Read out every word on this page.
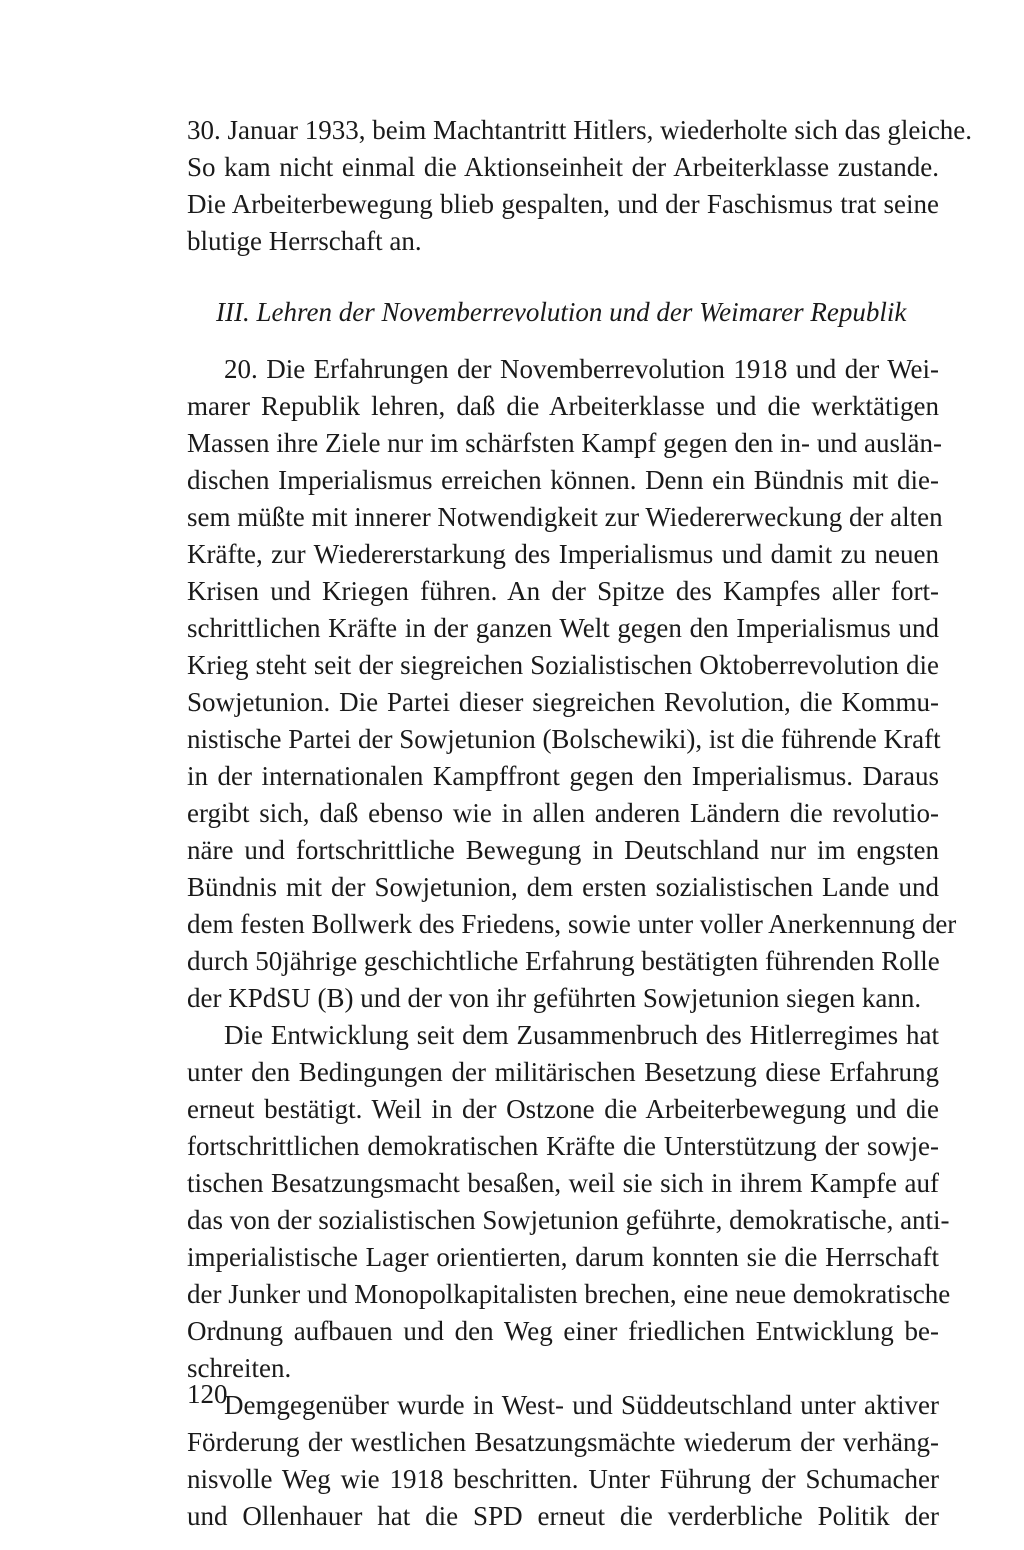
30. Januar 1933, beim Machtantritt Hitlers, wiederholte sich das gleiche.
So kam nicht einmal die Aktionseinheit der Arbeiterklasse zustande.
Die Arbeiterbewegung blieb gespalten, und der Faschismus trat seine
blutige Herrschaft an.
III. Lehren der Novemberrevolution und der Weimarer Republik
20. Die Erfahrungen der Novemberrevolution 1918 und der Wei-
marer Republik lehren, daß die Arbeiterklasse und die werktätigen
Massen ihre Ziele nur im schärfsten Kampf gegen den in- und auslän-
dischen Imperialismus erreichen können. Denn ein Bündnis mit die-
sem müßte mit innerer Notwendigkeit zur Wiedererweckung der alten
Kräfte, zur Wiedererstarkung des Imperialismus und damit zu neuen
Krisen und Kriegen führen. An der Spitze des Kampfes aller fort-
schrittlichen Kräfte in der ganzen Welt gegen den Imperialismus und
Krieg steht seit der siegreichen Sozialistischen Oktoberrevolution die
Sowjetunion. Die Partei dieser siegreichen Revolution, die Kommu-
nistische Partei der Sowjetunion (Bolschewiki), ist die führende Kraft
in der internationalen Kampffront gegen den Imperialismus. Daraus
ergibt sich, daß ebenso wie in allen anderen Ländern die revolutio-
näre und fortschrittliche Bewegung in Deutschland nur im engsten
Bündnis mit der Sowjetunion, dem ersten sozialistischen Lande und
dem festen Bollwerk des Friedens, sowie unter voller Anerkennung der
durch 50jährige geschichtliche Erfahrung bestätigten führenden Rolle
der KPdSU (B) und der von ihr geführten Sowjetunion siegen kann.
Die Entwicklung seit dem Zusammenbruch des Hitlerregimes hat
unter den Bedingungen der militärischen Besetzung diese Erfahrung
erneut bestätigt. Weil in der Ostzone die Arbeiterbewegung und die
fortschrittlichen demokratischen Kräfte die Unterstützung der sowje-
tischen Besatzungsmacht besaßen, weil sie sich in ihrem Kampfe auf
das von der sozialistischen Sowjetunion geführte, demokratische, anti-
imperialistische Lager orientierten, darum konnten sie die Herrschaft
der Junker und Monopolkapitalisten brechen, eine neue demokratische
Ordnung aufbauen und den Weg einer friedlichen Entwicklung be-
schreiten.
Demgegenüber wurde in West- und Süddeutschland unter aktiver
Förderung der westlichen Besatzungsmächte wiederum der verhäng-
nisvolle Weg wie 1918 beschritten. Unter Führung der Schumacher
und Ollenhauer hat die SPD erneut die verderbliche Politik der
120
